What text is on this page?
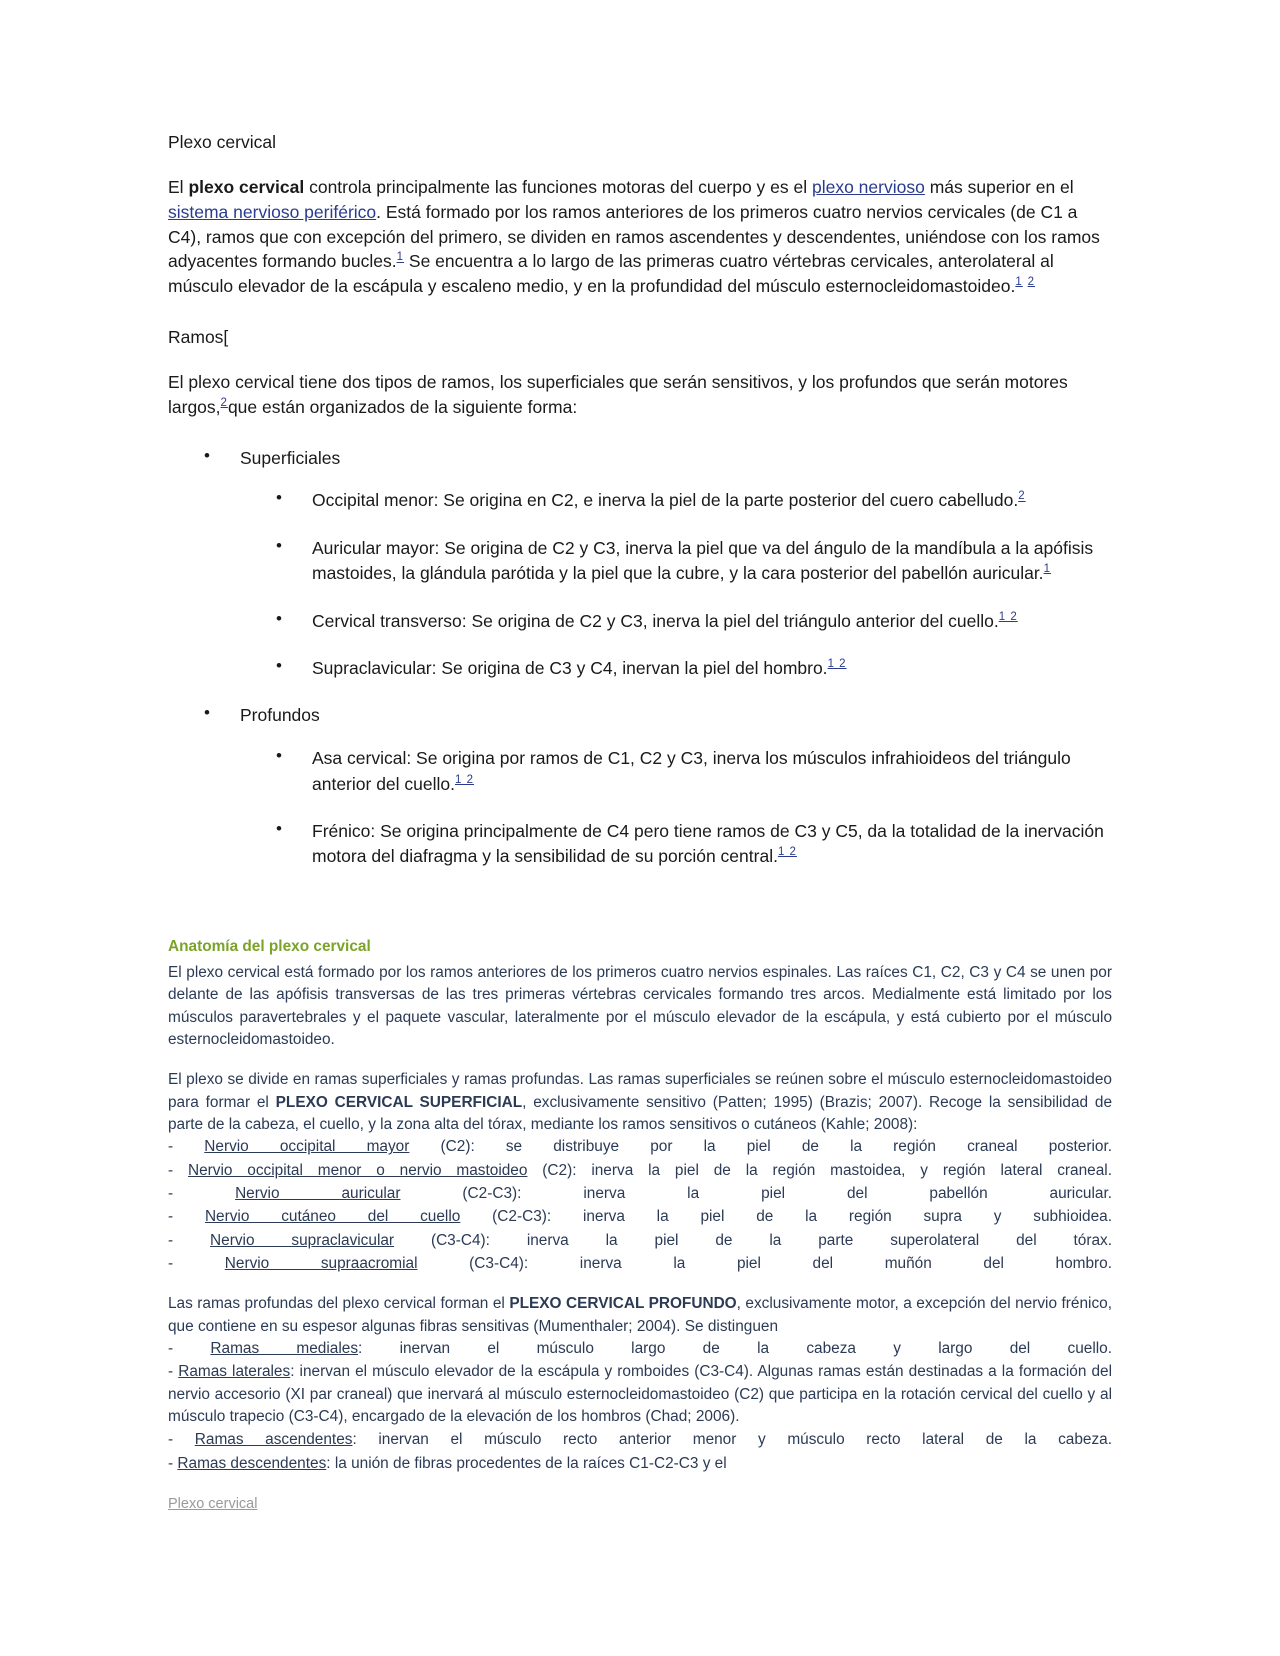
Plexo cervical
El plexo cervical controla principalmente las funciones motoras del cuerpo y es el plexo nervioso más superior en el sistema nervioso periférico. Está formado por los ramos anteriores de los primeros cuatro nervios cervicales (de C1 a C4), ramos que con excepción del primero, se dividen en ramos ascendentes y descendentes, uniéndose con los ramos adyacentes formando bucles.$^1$ Se encuentra a lo largo de las primeras cuatro vértebras cervicales, anterolateral al músculo elevador de la escápula y escaleno medio, y en la profundidad del músculo esternocleidomastoideo.$^1$ $^2$
Ramos[
El plexo cervical tiene dos tipos de ramos, los superficiales que serán sensitivos, y los profundos que serán motores largos,$^2$que están organizados de la siguiente forma:
• Superficiales
• Occipital menor: Se origina en C2, e inerva la piel de la parte posterior del cuero cabelludo.$^2$
• Auricular mayor: Se origina de C2 y C3, inerva la piel que va del ángulo de la mandíbula a la apófisis mastoides, la glándula parótida y la piel que la cubre, y la cara posterior del pabellón auricular.$^1$
• Cervical transverso: Se origina de C2 y C3, inerva la piel del triángulo anterior del cuello.$^{1 2}$
• Supraclavicular: Se origina de C3 y C4, inervan la piel del hombro.$^{1 2}$
• Profundos
• Asa cervical: Se origina por ramos de C1, C2 y C3, inerva los músculos infrahioideos del triángulo anterior del cuello.$^{1 2}$
• Frénico: Se origina principalmente de C4 pero tiene ramos de C3 y C5, da la totalidad de la inervación motora del diafragma y la sensibilidad de su porción central.$^{1 2}$
Anatomía del plexo cervical
El plexo cervical está formado por los ramos anteriores de los primeros cuatro nervios espinales. Las raíces C1, C2, C3 y C4 se unen por delante de las apófisis transversas de las tres primeras vértebras cervicales formando tres arcos. Medialmente está limitado por los músculos paravertebrales y el paquete vascular, lateralmente por el músculo elevador de la escápula, y está cubierto por el músculo esternocleidomastoideo.
El plexo se divide en ramas superficiales y ramas profundas. Las ramas superficiales se reúnen sobre el músculo esternocleidomastoideo para formar el PLEXO CERVICAL SUPERFICIAL, exclusivamente sensitivo (Patten; 1995) (Brazis; 2007). Recoge la sensibilidad de parte de la cabeza, el cuello, y la zona alta del tórax, mediante los ramos sensitivos o cutáneos (Kahle; 2008):
- Nervio occipital mayor (C2): se distribuye por la piel de la región craneal posterior.
- Nervio occipital menor o nervio mastoideo (C2): inerva la piel de la región mastoidea, y región lateral craneal.
- Nervio auricular	(C2-C3): inerva la piel del pabellón auricular.
- Nervio cutáneo del cuello (C2-C3): inerva la piel de la región supra y subhioidea.
- Nervio supraclavicular (C3-C4): inerva la piel de la parte superolateral del tórax.
- Nervio supraacromial	(C3-C4): inerva la piel del muñón del hombro.
Las ramas profundas del plexo cervical forman el PLEXO CERVICAL PROFUNDO, exclusivamente motor, a excepción del nervio frénico, que contiene en su espesor algunas fibras sensitivas (Mumenthaler; 2004). Se distinguen
- Ramas mediales: inervan el músculo largo de la cabeza y largo del cuello.
- Ramas laterales: inervan el músculo elevador de la escápula y romboides (C3-C4). Algunas ramas están destinadas a la formación del nervio accesorio (XI par craneal) que inervará al músculo esternocleidomastoideo (C2) que participa en la rotación cervical del cuello y al músculo trapecio (C3-C4), encargado de la elevación de los hombros (Chad; 2006).
- Ramas ascendentes: inervan el músculo recto anterior menor y músculo recto lateral de la cabeza.
- Ramas descendentes: la unión de fibras procedentes de la raíces C1-C2-C3 y el
Plexo cervical
